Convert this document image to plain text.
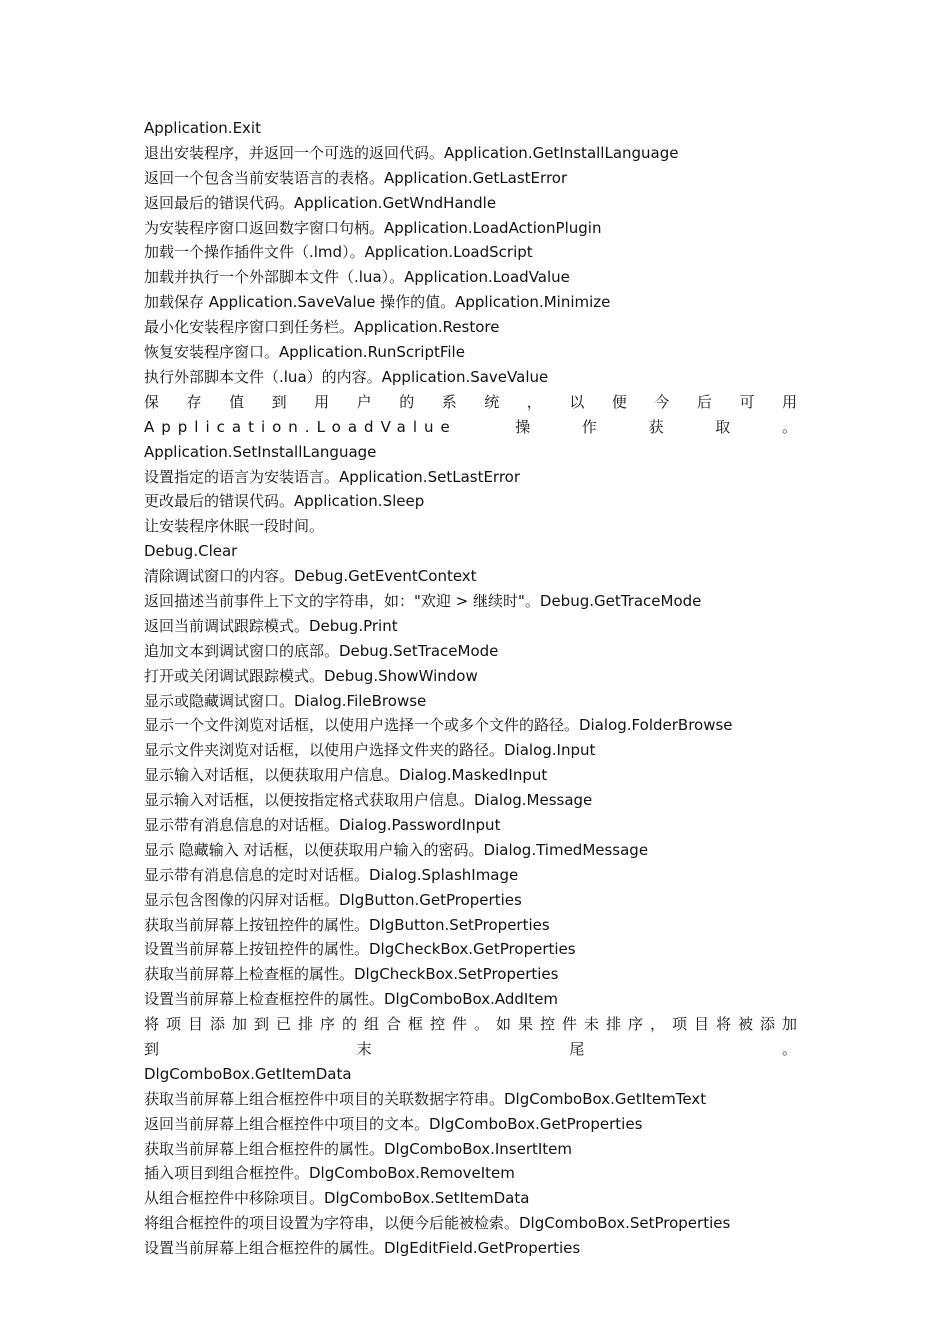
Application.Exit
退出安装程序，并返回一个可选的返回代码。Application.GetInstallLanguage
返回一个包含当前安装语言的表格。Application.GetLastError
返回最后的错误代码。Application.GetWndHandle
为安装程序窗口返回数字窗口句柄。Application.LoadActionPlugin
加载一个操作插件文件（.lmd）。Application.LoadScript
加载并执行一个外部脚本文件（.lua）。Application.LoadValue
加载保存 Application.SaveValue 操作的值。Application.Minimize
最小化安装程序窗口到任务栏。Application.Restore
恢复安装程序窗口。Application.RunScriptFile
执行外部脚本文件（.lua）的内容。Application.SaveValue
保存值到用户的系统，以便今后可用 Application.LoadValue 操作获取。
Application.SetInstallLanguage
设置指定的语言为安装语言。Application.SetLastError
更改最后的错误代码。Application.Sleep
让安装程序休眠一段时间。
Debug.Clear
清除调试窗口的内容。Debug.GetEventContext
返回描述当前事件上下文的字符串，如："欢迎 > 继续时"。Debug.GetTraceMode
返回当前调试跟踪模式。Debug.Print
追加文本到调试窗口的底部。Debug.SetTraceMode
打开或关闭调试跟踪模式。Debug.ShowWindow
显示或隐藏调试窗口。Dialog.FileBrowse
显示一个文件浏览对话框，以使用户选择一个或多个文件的路径。Dialog.FolderBrowse
显示文件夹浏览对话框，以使用户选择文件夹的路径。Dialog.Input
显示输入对话框，以便获取用户信息。Dialog.MaskedInput
显示输入对话框，以便按指定格式获取用户信息。Dialog.Message
显示带有消息信息的对话框。Dialog.PasswordInput
显示 隐藏输入 对话框，以便获取用户输入的密码。Dialog.TimedMessage
显示带有消息信息的定时对话框。Dialog.SplashImage
显示包含图像的闪屏对话框。DlgButton.GetProperties
获取当前屏幕上按钮控件的属性。DlgButton.SetProperties
设置当前屏幕上按钮控件的属性。DlgCheckBox.GetProperties
获取当前屏幕上检查框的属性。DlgCheckBox.SetProperties
设置当前屏幕上检查框控件的属性。DlgComboBox.AddItem
将项目添加到已排序的组合框控件。如果控件未排序，项目将被添加到末尾。
DlgComboBox.GetItemData
获取当前屏幕上组合框控件中项目的关联数据字符串。DlgComboBox.GetItemText
返回当前屏幕上组合框控件中项目的文本。DlgComboBox.GetProperties
获取当前屏幕上组合框控件的属性。DlgComboBox.InsertItem
插入项目到组合框控件。DlgComboBox.RemoveItem
从组合框控件中移除项目。DlgComboBox.SetItemData
将组合框控件的项目设置为字符串，以便今后能被检索。DlgComboBox.SetProperties
设置当前屏幕上组合框控件的属性。DlgEditField.GetProperties
